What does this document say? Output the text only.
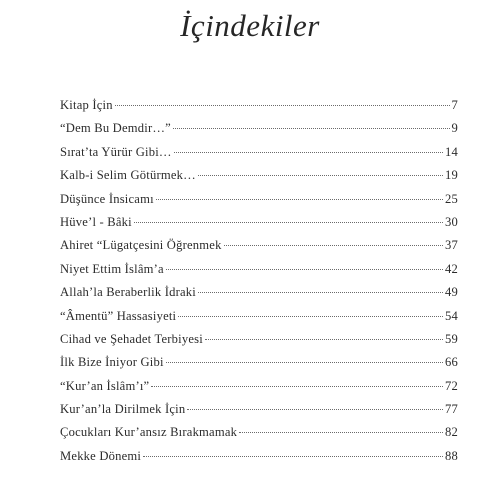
İçindekiler
Kitap İçin	7
“Dem Bu Demdir…”	9
Sırat’ta Yürür Gibi…	14
Kalb-i Selim Götürmek…	19
Düşünce İnsicamı	25
Hüve’l - Bâki	30
Ahiret “Lügatçesini Öğrenmek	37
Niyet Ettim İslâm’a	42
Allah’la Beraberlik İdraki	49
“Âmentü” Hassasiyeti	54
Cihad ve Şehadet Terbiyesi	59
İlk Bize İniyor Gibi	66
“Kur’an İslâm’ı”	72
Kur’an’la Dirilmek İçin	77
Çocukları Kur’ansız Bırakmamak	82
Mekke Dönemi	88
